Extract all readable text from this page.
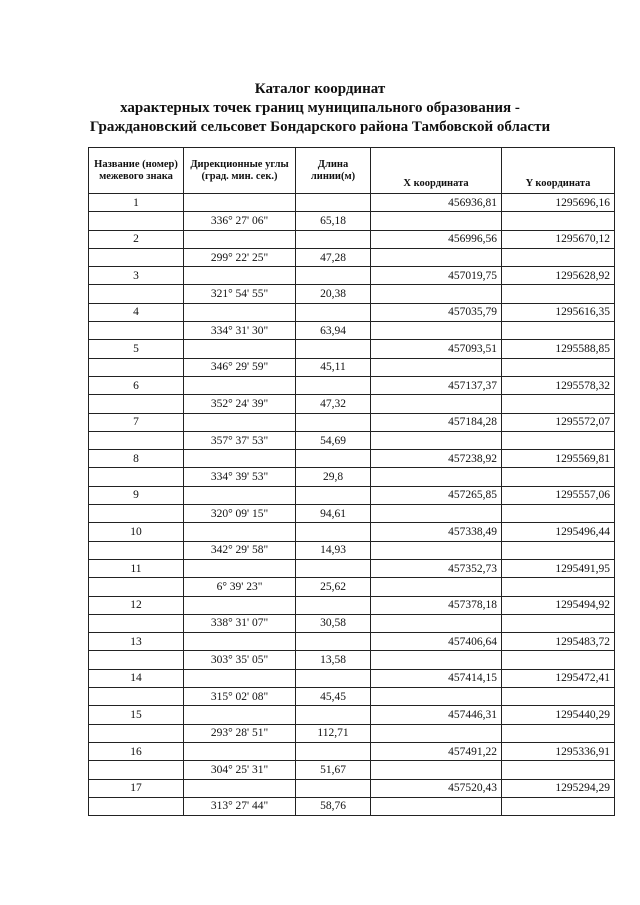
Каталог координат
характерных точек границ муниципального образования -
Граждановский сельсовет Бондарского района Тамбовской области
Название (номер) межевого знака	Дирекционные углы (град. мин. сек.)	Длина линии(м)	Х координата	Y координата
1			456936,81	1295696,16
	336° 27' 06"	65,18		
2			456996,56	1295670,12
	299° 22' 25"	47,28		
3			457019,75	1295628,92
	321° 54' 55"	20,38		
4			457035,79	1295616,35
	334° 31' 30"	63,94		
5			457093,51	1295588,85
	346° 29' 59"	45,11		
6			457137,37	1295578,32
	352° 24' 39"	47,32		
7			457184,28	1295572,07
	357° 37' 53"	54,69		
8			457238,92	1295569,81
	334° 39' 53"	29,8		
9			457265,85	1295557,06
	320° 09' 15"	94,61		
10			457338,49	1295496,44
	342° 29' 58"	14,93		
11			457352,73	1295491,95
	6° 39' 23"	25,62		
12			457378,18	1295494,92
	338° 31' 07"	30,58		
13			457406,64	1295483,72
	303° 35' 05"	13,58		
14			457414,15	1295472,41
	315° 02' 08"	45,45		
15			457446,31	1295440,29
	293° 28' 51"	112,71		
16			457491,22	1295336,91
	304° 25' 31"	51,67		
17			457520,43	1295294,29
	313° 27' 44"	58,76		
